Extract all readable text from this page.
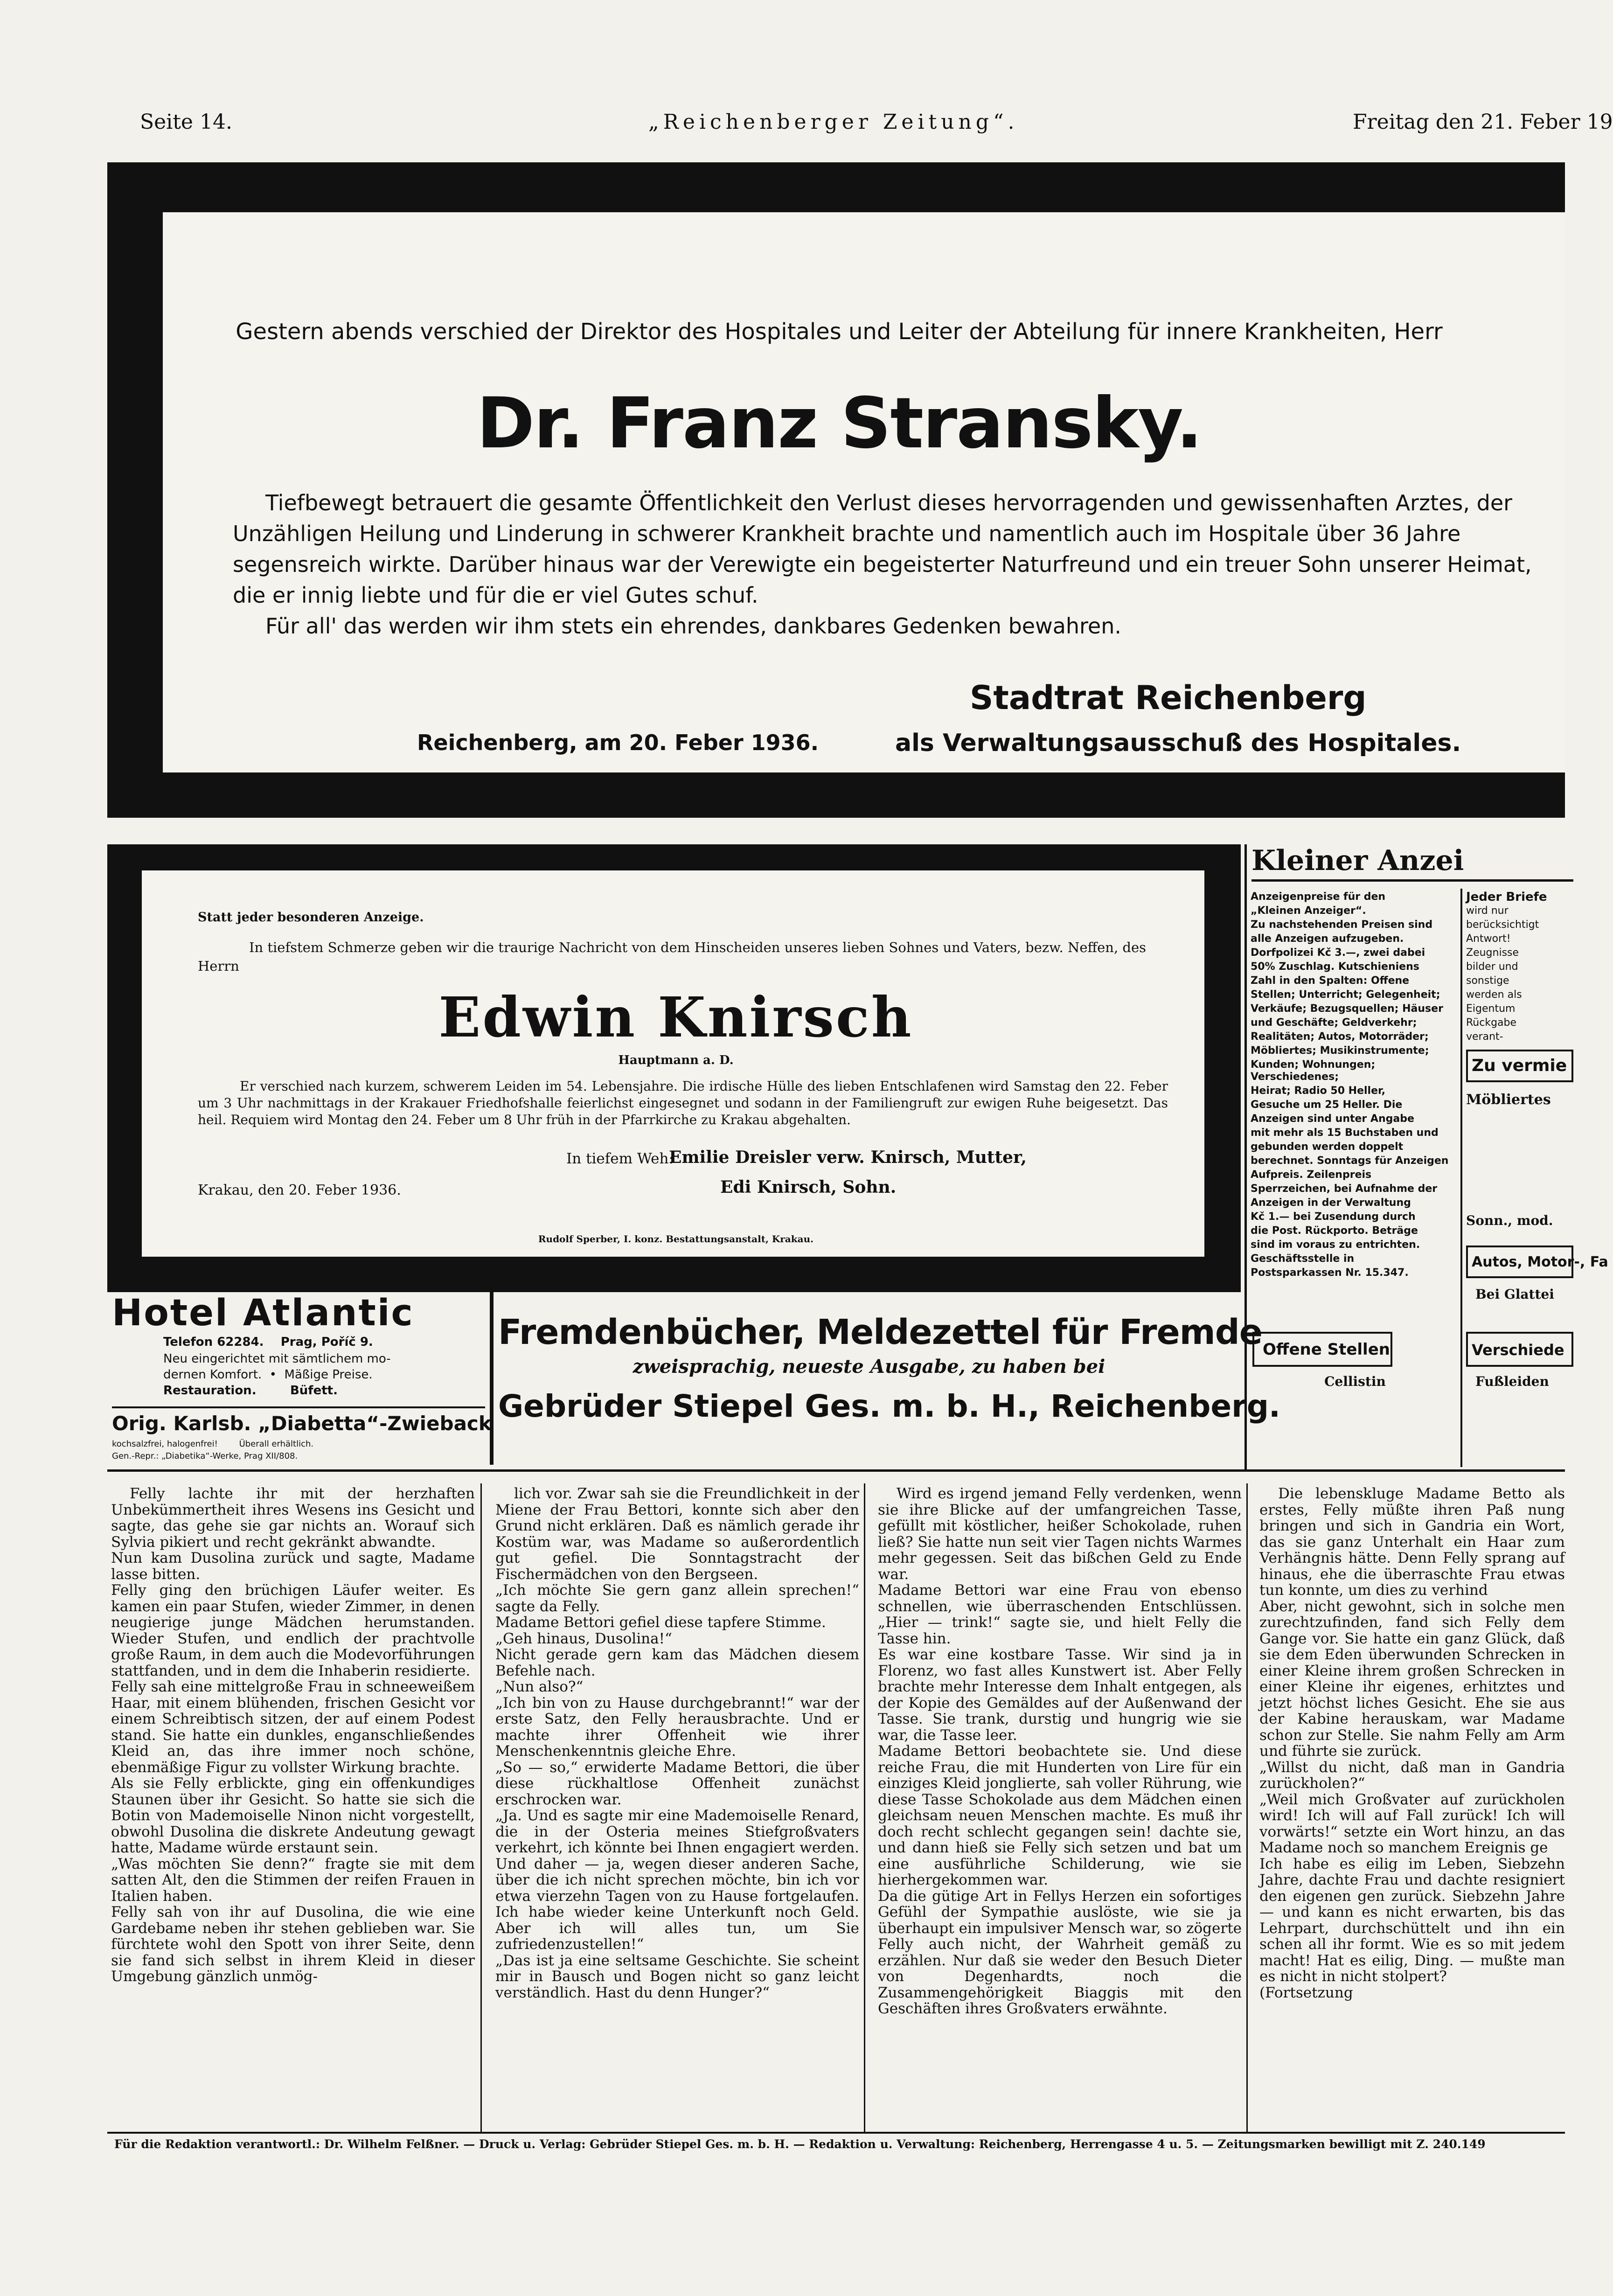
Seite 14.	„Reichenberger Zeitung“.	Freitag den 21. Feber 19
Gestern abends verschied der Direktor des Hospitales und Leiter der Abteilung für innere Krankheiten, Herr
Dr. Franz Stransky.
Tiefbewegt betrauert die gesamte Öffentlichkeit den Verlust dieses hervorragenden und gewissenhaften Arztes, der
Unzähligen Heilung und Linderung in schwerer Krankheit brachte und namentlich auch im Hospitale über 36 Jahre
segensreich wirkte. Darüber hinaus war der Verewigte ein begeisterter Naturfreund und ein treuer Sohn unserer Heimat,
die er innig liebte und für die er viel Gutes schuf.
Für all' das werden wir ihm stets ein ehrendes, dankbares Gedenken bewahren.
Stadtrat Reichenberg
Reichenberg, am 20. Feber 1936.	als Verwaltungsausschuß des Hospitales.
Statt jeder besonderen Anzeige.
In tiefstem Schmerze geben wir die traurige Nachricht von dem Hinscheiden unseres lieben Sohnes und Vaters, bezw. Neffen, des Herrn
Edwin Knirsch
Hauptmann a. D.
Er verschied nach kurzem, schwerem Leiden im 54. Lebensjahre. Die irdische Hülle des lieben Entschlafenen wird Samstag den 22. Feber um 3 Uhr nachmittags in der Krakauer Friedhofshalle feierlichst eingesegnet und sodann in der Familiengruft zur ewigen Ruhe beigesetzt. Das heil. Requiem wird Montag den 24. Feber um 8 Uhr früh in der Pfarrkirche zu Krakau abgehalten.
In tiefem Weh:
Emilie Dreisler verw. Knirsch, Mutter,
Edi Knirsch, Sohn.
Krakau, den 20. Feber 1936.
Rudolf Sperber, I. konz. Bestattungsanstalt, Krakau.
Kleiner Anzei
Anzeigenpreise für den
„Kleinen Anzeiger“.
Zu nachstehenden Preisen sind
alle Anzeigen aufzugeben.
Dorfpolizei Kč 3.—, zwei dabei
50% Zuschlag. Kutschieniens
Zahl in den Spalten: Offene
Stellen; Unterricht; Gelegenheit;
Verkäufe; Bezugsquellen; Häuser
und Geschäfte; Geldverkehr;
Realitäten; Autos, Motorräder;
Möbliertes; Musikinstrumente;
Kunden; Wohnungen; Verschiedenes;
Heirat; Radio 50 Heller,
Gesuche um 25 Heller. Die
Anzeigen sind unter Angabe
mit mehr als 15 Buchstaben und
gebunden werden doppelt
berechnet. Sonntags für Anzeigen
Aufpreis. Zeilenpreis
Sperrzeichen, bei Aufnahme der
Anzeigen in der Verwaltung
Kč 1.— bei Zusendung durch
die Post. Rückporto. Beträge
sind im voraus zu entrichten.
Geschäftsstelle in
Postsparkassen Nr. 15.347.
Jeder Briefe
wird nur
berücksichtigt
Antwort!
Zeugnisse
bilder und
sonstige
werden als
Eigentum
Rückgabe
verant-
Zu vermie
Möbliertes
Sonn., mod.
Autos, Motor-, Fa
Bei Glattei
Offene Stellen	Verschiede
Cellistin	Fußleiden
Hotel Atlantic
Telefon 62284.    Prag, Poříč 9.
Neu eingerichtet mit sämtlichem mo-
dernen Komfort.  •  Mäßige Preise.
Restauration.        Büfett.
Orig. Karlsb. „Diabetta“-Zwieback
kochsalzfrei, halogenfrei!        Überall erhältlich.
Gen.-Repr.: „Diabetika“-Werke, Prag XII/808.
Fremdenbücher, Meldezettel für Fremde
zweisprachig, neueste Ausgabe, zu haben bei
Gebrüder Stiepel Ges. m. b. H., Reichenberg.

Felly lachte ihr mit der herzhaften Unbekümmertheit ihres Wesens ins Gesicht und sagte, das gehe sie gar nichts an. Worauf sich Sylvia pikiert und recht gekränkt abwandte.
Nun kam Dusolina zurück und sagte, Madame lasse bitten.
Felly ging den brüchigen Läufer weiter. Es kamen ein paar Stufen, wieder Zimmer, in denen neugierige junge Mädchen herumstanden. Wieder Stufen, und endlich der prachtvolle große Raum, in dem auch die Modevorführungen stattfanden, und in dem die Inhaberin residierte.
Felly sah eine mittelgroße Frau in schneeweißem Haar, mit einem blühenden, frischen Gesicht vor einem Schreibtisch sitzen, der auf einem Podest stand. Sie hatte ein dunkles, enganschließendes Kleid an, das ihre immer noch schöne, ebenmäßige Figur zu vollster Wirkung brachte.
Als sie Felly erblickte, ging ein offenkundiges Staunen über ihr Gesicht. So hatte sie sich die Botin von Mademoiselle Ninon nicht vorgestellt, obwohl Dusolina die diskrete Andeutung gewagt hatte, Madame würde erstaunt sein.
„Was möchten Sie denn?“ fragte sie mit dem satten Alt, den die Stimmen der reifen Frauen in Italien haben.
Felly sah von ihr auf Dusolina, die wie eine Gardebame neben ihr stehen geblieben war. Sie fürchtete wohl den Spott von ihrer Seite, denn sie fand sich selbst in ihrem Kleid in dieser Umgebung gänzlich unmög-

lich vor. Zwar sah sie die Freundlichkeit in der Miene der Frau Bettori, konnte sich aber den Grund nicht erklären. Daß es nämlich gerade ihr Kostüm war, was Madame so außerordentlich gut gefiel. Die Sonntagstracht der Fischermädchen von den Bergseen.
„Ich möchte Sie gern ganz allein sprechen!“ sagte da Felly.
Madame Bettori gefiel diese tapfere Stimme.
„Geh hinaus, Dusolina!“
Nicht gerade gern kam das Mädchen diesem Befehle nach.
„Nun also?“
„Ich bin von zu Hause durchgebrannt!“ war der erste Satz, den Felly herausbrachte. Und er machte ihrer Offenheit wie ihrer Menschenkenntnis gleiche Ehre.
„So — so,“ erwiderte Madame Bettori, die über diese rückhaltlose Offenheit zunächst erschrocken war.
„Ja. Und es sagte mir eine Mademoiselle Renard, die in der Osteria meines Stiefgroßvaters verkehrt, ich könnte bei Ihnen engagiert werden. Und daher — ja, wegen dieser anderen Sache, über die ich nicht sprechen möchte, bin ich vor etwa vierzehn Tagen von zu Hause fortgelaufen. Ich habe wieder keine Unterkunft noch Geld. Aber ich will alles tun, um Sie zufriedenzustellen!“
„Das ist ja eine seltsame Geschichte. Sie scheint mir in Bausch und Bogen nicht so ganz leicht verständlich. Hast du denn Hunger?“

Wird es irgend jemand Felly verdenken, wenn sie ihre Blicke auf der umfangreichen Tasse, gefüllt mit köstlicher, heißer Schokolade, ruhen ließ? Sie hatte nun seit vier Tagen nichts Warmes mehr gegessen. Seit das bißchen Geld zu Ende war.
Madame Bettori war eine Frau von ebenso schnellen, wie überraschenden Entschlüssen. „Hier — trink!“ sagte sie, und hielt Felly die Tasse hin.
Es war eine kostbare Tasse. Wir sind ja in Florenz, wo fast alles Kunstwert ist. Aber Felly brachte mehr Interesse dem Inhalt entgegen, als der Kopie des Gemäldes auf der Außenwand der Tasse. Sie trank, durstig und hungrig wie sie war, die Tasse leer.
Madame Bettori beobachtete sie. Und diese reiche Frau, die mit Hunderten von Lire für ein einziges Kleid jonglierte, sah voller Rührung, wie diese Tasse Schokolade aus dem Mädchen einen gleichsam neuen Menschen machte. Es muß ihr doch recht schlecht gegangen sein! dachte sie, und dann hieß sie Felly sich setzen und bat um eine ausführliche Schilderung, wie sie hierhergekommen war.
Da die gütige Art in Fellys Herzen ein sofortiges Gefühl der Sympathie auslöste, wie sie ja überhaupt ein impulsiver Mensch war, so zögerte Felly auch nicht, der Wahrheit gemäß zu erzählen. Nur daß sie weder den Besuch Dieter von Degenhardts, noch die Zusammengehörigkeit Biaggis mit den Geschäften ihres Großvaters erwähnte.

Die lebenskluge Madame Betto als erstes, Felly müßte ihren Paß nung bringen und sich in Gandria ein Wort, das sie ganz Unterhalt ein Haar zum Verhängnis hätte. Denn Felly sprang auf hinaus, ehe die überraschte Frau etwas tun konnte, um dies zu verhind
Aber, nicht gewohnt, sich in solche men zurechtzufinden, fand sich Felly dem Gange vor. Sie hatte ein ganz Glück, daß sie dem Eden überwunden Schrecken in einer Kleine ihrem großen Schrecken in einer Kleine ihr eigenes, erhitztes und jetzt höchst liches Gesicht. Ehe sie aus der Kabine herauskam, war Madame schon zur Stelle. Sie nahm Felly am Arm und führte sie zurück.
„Willst du nicht, daß man in Gandria zurückholen?“
„Weil mich Großvater auf zurückholen wird! Ich will auf Fall zurück! Ich will vorwärts!“ setzte ein Wort hinzu, an das Madame noch so manchem Ereignis ge
Ich habe es eilig im Leben, Siebzehn Jahre, dachte Frau und dachte resigniert den eigenen gen zurück. Siebzehn Jahre — und kann es nicht erwarten, bis das Lehrpart, durchschüttelt und ihn ein schen all ihr formt. Wie es so mit jedem macht! Hat es eilig, Ding. — mußte man es nicht in nicht stolpert?
(Fortsetzung

Für die Redaktion verantwortl.: Dr. Wilhelm Felßner. — Druck u. Verlag: Gebrüder Stiepel Ges. m. b. H. — Redaktion u. Verwaltung: Reichenberg, Herrengasse 4 u. 5. — Zeitungsmarken bewilligt mit Z. 240.149
